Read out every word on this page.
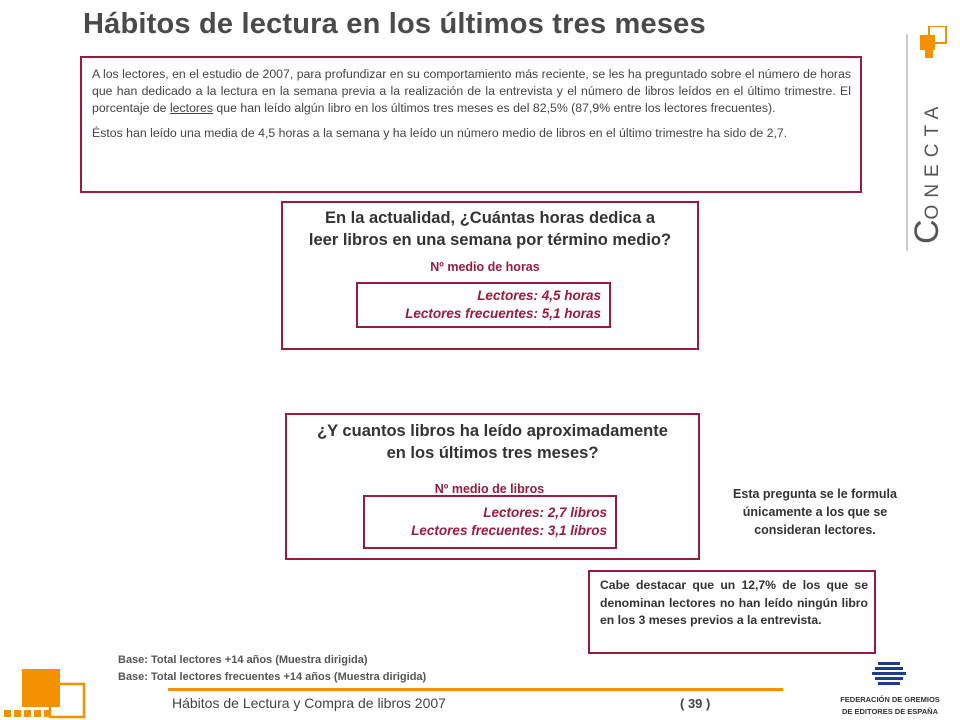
Hábitos de lectura en los últimos tres meses

A los lectores, en el estudio de 2007, para profundizar en su comportamiento más reciente, se les ha preguntado sobre el número de horas que han dedicado a la lectura en la semana previa a la realización de la entrevista y el número de libros leídos en el último trimestre. El porcentaje de lectores que han leído algún libro en los últimos tres meses es del 82,5% (87,9% entre los lectores frecuentes).

Éstos han leído una media de 4,5 horas a la semana y ha leído un número medio de libros en el último trimestre ha sido de 2,7.

En la actualidad, ¿Cuántas horas dedica a
leer libros en una semana por término medio?
Nº medio de horas
Lectores: 4,5 horas
Lectores frecuentes: 5,1 horas
¿Y cuantos libros ha leído aproximadamente
en los últimos tres meses?
Nº medio de libros
Lectores: 2,7 libros
Lectores frecuentes: 3,1 libros
Esta pregunta se le formula
únicamente a los que se
consideran lectores.
Cabe destacar que un 12,7% de los que se denominan lectores no han leído ningún libro en los 3 meses previos a la entrevista.
Base: Total lectores +14 años (Muestra dirigida)
Base: Total lectores frecuentes +14 años (Muestra dirigida)
Hábitos de Lectura y Compra de libros 2007	( 39 )
CONECTA
FEDERACIÓN DE GREMIOS
DE EDITORES DE ESPAÑA
